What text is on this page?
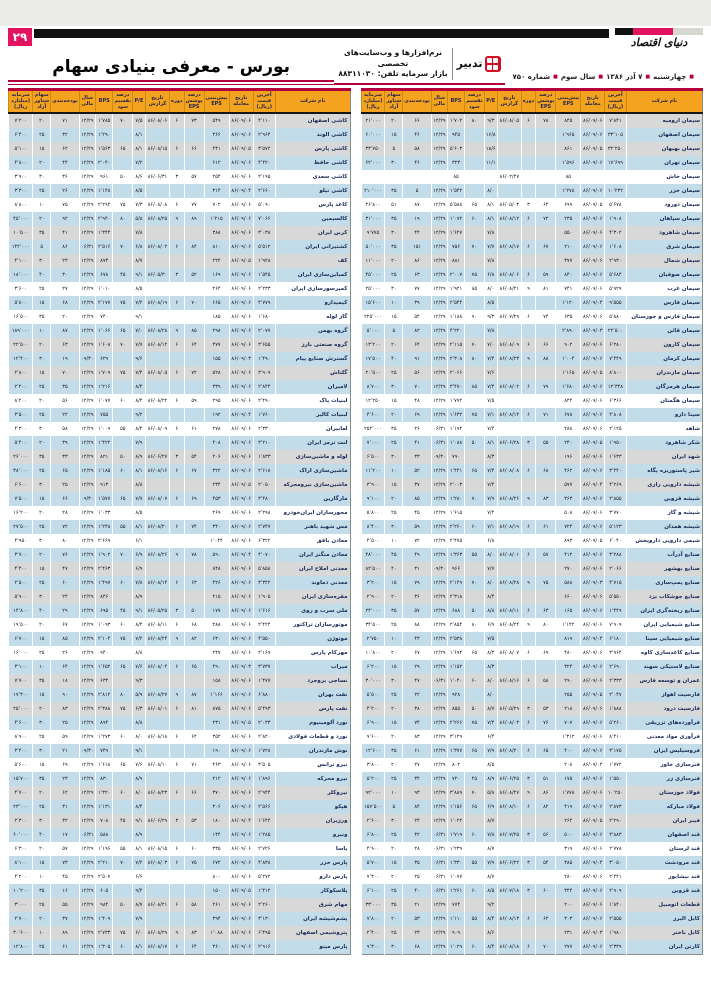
۲۹	دنیای اقتصاد
بورس - معرفی بنیادی سهام	تدبیر
نرم‌افزارها و وب‌سایت‌های تخصصی
بازار سرمایه تلفن: ۸۸۳۱۱۰۳۰	■ چهارشنبه■ ۷ آذر ۱۳۸۶■ سال سوم■ شماره ۷۵۰
نام شرکت	آخرین قیمت (ریال)	تاریخ معامله	پیش‌بینی EPS	درصد پوشش EPS	دوره	تاریخ گزارش	P/E	درصد تقسیم سود	BPS	سال مالی	بودجه‌بندی	سهام شناور آزاد	سرمایه (میلیارد ریال)
سیمان ارومیه	۷٬۸۴۱	۸۶/۰۹/۰۶	۸۴۵	۷۸	۶	۸۶/۰۸/۰۵	۹/۳	۸۰	۱٬۷۰۲	۱۲/۲۹	۶۶	۲۰	۲۱٬۰۰۰
سیمان اصفهان	۳۳٬۱۰۵	۸۶/۰۹/۰۶	۱٬۹۶۵				۱۶/۸		۹۴۵	۱۲/۲۹	۴۶	۱۵	۶۰٬۰۰۰
سیمان بهبهان	۳۲٬۲۵۰	۸۶/۰۹/۰۵	۸۶۱				۱۸/۶		۵٬۶۰۳	۱۲/۲۹	۵۸	۵	۳۳٬۷۵۰
سیمان تهران	۱۷٬۶۹۹	۸۶/۰۹/۰۶	۱٬۵۹۶				۱۱/۱		۳۲۳	۱۲/۲۹	۴۶	۳۰	۶۲٬۰۰۰
سیمان خاش			۸۵			۸۶/۰۲/۲۷			۸۵				
سیمان خزر	۱۰٬۲۳۲	۸۶/۰۹/۰۶	۱٬۲۷۸				۸/۰		۱٬۵۴۲	۱۲/۲۹	۵	۳۵	۲۱۰٬۰۰۰
سیمان دورود	۵٬۶۷۸	۸۶/۰۹/۰۵	۶۹۹	۶۴	۳	۸۶/۰۵/۰۳	۸/۱	۶۵	۵٬۵۸۸	۱۲/۲۹	۸۷	۵۱	۴۶٬۸۰۰
سیمان سپاهان	۱٬۹۰۸	۸۶/۰۹/۰۶	۲۳۵	۷۲	۶	۸۶/۰۸/۱۲	۸/۱	۶۰	۱٬۰۷۲	۱۲/۲۹	۱۹	۳۵	۳۱٬۰۰۰
سیمان شاهرود	۴٬۳۰۲	۸۶/۰۹/۰۶	۵۵۰				۷/۸		۱٬۶۲۷	۱۲/۲۹	۴۴	۳۰	۹٬۷۷۵
سیمان شرق	۱٬۶۰۸	۸۶/۰۹/۰۶	۲۱۰	۶۷	۶	۸۶/۰۸/۱۷	۷/۷	۷۰	۷۵۶	۱۲/۲۹	۱۵۱	۳۵	۵۰٬۰۰۰
سیمان شمال	۲٬۹۳۰	۸۶/۰۹/۰۶	۳۷۷				۷/۸		۸۸۱	۱۲/۲۹	۸۶	۲۰	۱۱٬۰۰۰
سیمان صوفیان	۵٬۶۸۴	۸۶/۰۹/۰۶	۸۴۰	۵۹	۶	۸۶/۰۸/۰۶	۶/۸	۷۵	۲٬۰۰۷	۱۲/۲۹	۶۳	۲۵	۴۵٬۰۰۰
سیمان غرب	۵٬۹۲۹	۸۶/۰۹/۰۶	۷۴۱	۸۱	۹	۸۶/۰۸/۲۱	۸/۰	۸۵	۱٬۹۲۱	۱۲/۲۹	۷۷	۳۰	۲۵٬۰۰۰
سیمان فارس	۹٬۵۵۵	۸۶/۰۹/۰۴	۱٬۱۲۰				۸/۵		۲٬۵۴۴	۱۲/۲۹	۳۹	۱۰	۱۵٬۶۰۰
سیمان فارس و خوزستان	۵٬۸۸۰	۸۶/۰۹/۰۶	۶۳۵	۷۴	۶	۸۶/۰۷/۲۹	۹/۳	۹۰	۱٬۱۸۸	۱۲/۲۹	۵۴	۱۵	۲۲۵٬۰۰۰
سیمان قائن	۲۲٬۵۰۰	۸۶/۰۹/۰۳	۲٬۸۹۰				۷/۸		۴٬۲۲۰	۱۲/۲۹	۸۲	۵	۵٬۰۰۰
سیمان کارون	۶٬۲۸۰	۸۶/۰۹/۰۶	۹۰۲	۶۶	۶	۸۶/۰۸/۰۹	۷/۰	۷۰	۲٬۱۱۵	۱۲/۲۹	۶۴	۲۰	۱۳٬۲۰۰
سیمان کرمان	۷٬۴۴۹	۸۶/۰۹/۰۶	۱٬۰۰۴	۸۸	۹	۸۶/۰۸/۲۳	۷/۴	۸۰	۲٬۳۰۸	۱۲/۲۹	۹۱	۴۰	۱۷٬۵۰۰
سیمان مازندران	۸٬۸۰۰	۸۶/۰۹/۰۵	۱٬۱۶۵				۷/۶		۲٬۰۶۶	۱۲/۲۹	۵۶	۲۵	۲۰٬۵۰۰
سیمان هرمزگان	۱۲٬۳۴۸	۸۶/۰۹/۰۶	۱٬۶۸۰	۷۹	۶	۸۶/۰۸/۰۲	۷/۴	۸۵	۳٬۴۷۰	۱۲/۲۹	۷۰	۳۰	۸٬۷۰۰
سیمان هگمتان	۶٬۳۶۶	۸۶/۰۹/۰۶	۸۴۴				۷/۵		۱٬۷۷۲	۱۲/۲۹	۴۸	۱۵	۱۲٬۲۵۰
سینا دارو	۴٬۸۰۸	۸۶/۰۹/۰۶	۶۷۸	۷۱	۶	۸۶/۰۸/۱۴	۷/۱	۷۵	۱٬۶۳۲	۱۲/۲۹	۶۹	۲۰	۴٬۶۰۰
شاهد	۲٬۱۲۵	۸۶/۰۹/۰۶	۲۸۸				۷/۴		۱٬۱۹۴	۰۶/۳۱	۲۶	۳۵	۲۵۲٬۰۰۰
شکر شاهرود	۱٬۹۵۰	۸۶/۰۹/۰۵	۲۴۰	۵۵	۳	۸۶/۰۶/۲۸	۸/۱	۵۰	۱٬۰۸۸	۰۶/۳۱	۴۱	۲۵	۷٬۰۰۰
شهد ایران	۱٬۶۳۳	۸۶/۰۹/۰۶	۱۹۶				۸/۳		۷۹۰	۰۹/۳۰	۳۳	۳۰	۶٬۵۰۰
شیر پاستوریزه پگاه	۳٬۴۴۰	۸۶/۰۹/۰۶	۴۶۲	۶۸	۶	۸۶/۰۸/۰۸	۷/۴	۶۵	۱٬۴۴۱	۱۲/۲۹	۵۲	۱۰	۱۱٬۲۰۰
شیشه دارویی رازی	۴٬۲۶۹	۸۶/۰۹/۰۴	۵۷۷				۷/۴		۲٬۰۰۳	۱۲/۲۹	۳۷	۱۵	۳٬۹۰۰
شیشه قزوین	۲٬۸۵۵	۸۶/۰۹/۰۶	۳۶۳	۸۳	۹	۸۶/۰۸/۲۶	۷/۹	۷۰	۱٬۲۸۰	۱۲/۲۹	۸۵	۲۰	۹٬۱۰۰
شیشه و گاز	۳٬۷۷۰	۸۶/۰۹/۰۶	۵۰۸				۷/۴		۱٬۶۱۵	۱۲/۲۹	۴۵	۲۵	۵٬۸۰۰
شیشه همدان	۵٬۱۲۳	۸۶/۰۹/۰۶	۷۲۴	۶۱	۶	۸۶/۰۸/۱۹	۷/۱	۶۰	۲٬۲۶۰	۱۲/۲۹	۵۹	۳۰	۸٬۴۰۰
شیمی دارویی داروپخش	۶٬۰۴۰	۸۶/۰۹/۰۵	۸۹۳				۶/۸		۲٬۴۷۵	۱۲/۲۹	۷۲	۱۰	۴٬۵۰۰
صنایع آذرآب	۳٬۲۸۸	۸۶/۰۹/۰۶	۴۱۲	۵۷	۶	۸۶/۰۸/۰۱	۸/۰	۵۵	۱٬۳۶۳	۱۲/۲۹	۴۹	۴۵	۴۸٬۰۰۰
صنایع بهشهر	۲٬۰۶۶	۸۶/۰۹/۰۶	۲۷۰				۷/۷		۹۶۶	۰۹/۳۰	۳۱	۴۰	۸۲٬۵۰۰
صنایع پمپ‌سازی	۴٬۷۱۵	۸۶/۰۹/۰۳	۵۸۸	۷۵	۹	۸۶/۰۸/۲۸	۸/۰	۷۰	۲٬۱۴۹	۱۲/۲۹	۷۹	۱۵	۳٬۲۰۰
صنایع جوشکاب یزد	۵٬۵۵۰	۸۶/۰۹/۰۶	۶۶۰				۸/۴		۲٬۳۱۸	۱۲/۲۹	۳۶	۲۰	۲٬۹۰۰
صنایع ریخته‌گری ایران	۱٬۴۴۹	۸۶/۰۹/۰۶	۱۶۵	۶۳	۶	۸۶/۰۸/۱۱	۸/۸	۵۰	۶۸۸	۱۲/۲۹	۵۷	۳۵	۲۴٬۰۰۰
صنایع شیمیایی ایران	۷٬۹۰۹	۸۶/۰۹/۰۶	۱٬۱۴۲	۸۰	۹	۸۶/۰۸/۲۴	۶/۹	۸۰	۲٬۸۵۴	۱۲/۲۹	۸۸	۲۵	۳۴٬۵۰۰
صنایع شیمیایی سینا	۶٬۱۸۰	۸۶/۰۹/۰۴	۸۱۹				۷/۵		۲٬۵۳۸	۱۲/۲۹	۴۳	۱۰	۲٬۷۵۰
صنایع کاغذسازی کاوه	۳٬۹۶۴	۸۶/۰۹/۰۶	۴۸۰	۶۹	۶	۸۶/۰۸/۰۷	۸/۳	۶۵	۱٬۶۹۴	۱۲/۲۹	۶۷	۲۰	۱۰٬۸۰۰
صنایع لاستیکی سهند	۲٬۶۹۰	۸۶/۰۹/۰۶	۳۲۴				۸/۳		۱٬۱۵۲	۱۲/۲۹	۲۹	۱۵	۶٬۲۰۰
عمران و توسعه فارس	۲٬۳۳۳	۸۶/۰۹/۰۶	۲۹۰	۵۸	۶	۸۶/۰۸/۱۶	۸/۰	۶۰	۱٬۰۴۰	۰۶/۳۱	۴۷	۳۰	۳۰٬۰۰۰
فارسیت اهواز	۲٬۰۴۷	۸۶/۰۹/۰۵	۲۵۵				۸/۰		۹۲۸	۱۲/۲۹	۲۲	۲۵	۵٬۵۰۰
فارسیت درود	۱٬۸۸۸	۸۶/۰۹/۰۶	۲۱۸	۵۳	۳	۸۶/۰۵/۲۹	۸/۷	۵۰	۸۵۵	۱۲/۲۹	۳۸	۲۰	۴٬۲۰۰
فرآورده‌های تزریقی	۵٬۲۶۰	۸۶/۰۹/۰۶	۷۰۷	۷۶	۶	۸۶/۰۸/۰۳	۷/۴	۷۵	۲٬۲۶۶	۱۲/۲۹	۷۴	۱۵	۶٬۹۰۰
فرآوری مواد معدنی	۸٬۴۱۰	۸۶/۰۹/۰۶	۱٬۳۱۲				۶/۴		۳٬۱۲۹	۱۲/۲۹	۸۳	۲۰	۹٬۶۰۰
فروسیلیس ایران	۳٬۱۷۵	۸۶/۰۹/۰۶	۴۰۰	۶۵	۶	۸۶/۰۸/۲۰	۷/۹	۶۵	۱٬۳۷۷	۱۲/۲۹	۶۱	۳۵	۱۲٬۶۰۰
فنرسازی خاور	۱٬۷۷۲	۸۶/۰۹/۰۴	۲۰۸				۸/۵		۸۰۲	۱۲/۲۹	۲۷	۲۰	۳٬۸۰۰
فنرسازی زر	۱٬۵۵۰	۸۶/۰۹/۰۶	۱۷۵	۵۱	۳	۸۶/۰۶/۲۵	۸/۹	۴۵	۷۲۰	۱۲/۲۹	۳۴	۲۵	۵٬۲۰۰
فولاد خوزستان	۱۰٬۲۵۰	۸۶/۰۹/۰۶	۱٬۷۷۸	۸۶	۹	۸۶/۰۸/۲۷	۵/۸	۷۰	۳٬۸۸۹	۱۲/۲۹	۹۳	۱۰	۹۲٬۰۰۰
فولاد مبارکه	۲٬۸۷۳	۸۶/۰۹/۰۶	۴۱۹	۸۲	۶	۸۶/۰۸/۱۰	۶/۹	۶۵	۱٬۱۵۶	۱۲/۲۹	۸۴	۵	۱۵۷٬۵۰۰
فیبر ایران	۲٬۲۹۰	۸۶/۰۹/۰۵	۲۶۴				۸/۷		۱٬۰۲۲	۱۲/۲۹	۲۴	۳۰	۲٬۶۰۰
قند اصفهان	۳٬۸۸۳	۸۶/۰۹/۰۶	۵۰۰	۵۶	۳	۸۶/۰۷/۲۵	۷/۸	۶۰	۱٬۷۱۹	۰۶/۳۱	۴۲	۲۵	۶٬۸۰۰
قند لرستان	۲٬۷۷۸	۸۶/۰۹/۰۶	۳۱۹				۸/۷		۱٬۲۳۹	۰۶/۳۱	۲۸	۲۰	۴٬۹۰۰
قند مرودشت	۳٬۰۵۰	۸۶/۰۹/۰۴	۳۸۵	۵۴	۳	۸۶/۰۶/۲۲	۷/۹	۵۵	۱٬۳۳۰	۰۶/۳۱	۳۵	۱۵	۵٬۷۰۰
قند نیشابور	۲٬۴۴۱	۸۶/۰۹/۰۶	۲۸۰				۸/۷		۱٬۰۷۷	۰۶/۳۱	۲۵	۲۰	۷٬۳۰۰
قند قزوین	۲٬۹۰۹	۸۶/۰۹/۰۶	۳۴۴	۶۰	۳	۸۶/۰۷/۱۸	۸/۵	۶۰	۱٬۲۶۱	۰۶/۳۱	۴۰	۲۵	۶٬۱۰۰
قطعات اتومبیل	۱٬۸۴۰	۸۶/۰۹/۰۶	۲۰۰				۹/۲		۷۷۴	۱۲/۲۹	۲۱	۳۵	۳۳٬۰۰۰
کابل البرز	۲٬۵۵۵	۸۶/۰۹/۰۶	۳۰۳	۶۲	۶	۸۶/۰۸/۱۳	۸/۴	۵۵	۱٬۱۱۰	۱۲/۲۹	۵۳	۲۰	۷٬۸۰۰
کابل باختر	۱٬۹۸۰	۸۶/۰۹/۰۳	۲۳۱				۸/۶		۹۰۹	۱۲/۲۹	۲۳	۲۵	۲٬۴۰۰
کارتن ایران	۲٬۳۳۹	۸۶/۰۹/۰۶	۲۷۷	۷۰	۶	۸۶/۰۸/۱۸	۸/۴	۶۰	۱٬۰۲۹	۱۲/۲۹	۶۸	۳۰	۹٬۳۰۰
نام شرکت	آخرین قیمت (ریال)	تاریخ معامله	پیش‌بینی EPS	درصد پوشش EPS	دوره	تاریخ گزارش	P/E	درصد تقسیم سود	BPS	سال مالی	بودجه‌بندی	سهام شناور آزاد	سرمایه (میلیارد ریال)
کاشی اصفهان	۴٬۱۱۰	۸۶/۰۹/۰۶	۵۴۹	۷۳	۶	۸۶/۰۸/۰۶	۷/۵	۷۰	۱٬۷۸۵	۱۲/۲۹	۷۱	۲۰	۷٬۲۰۰
کاشی الوند	۲٬۹۶۴	۸۶/۰۹/۰۶	۳۶۶				۸/۱		۱٬۲۹۰	۱۲/۲۹	۳۲	۲۵	۶٬۴۰۰
کاشی پارس	۳٬۵۷۲	۸۶/۰۹/۰۵	۴۴۱	۶۶	۶	۸۶/۰۸/۱۵	۸/۱	۶۵	۱٬۵۶۳	۱۲/۲۹	۶۲	۱۵	۵٬۱۰۰
کاشی حافظ	۴٬۴۲۰	۸۶/۰۹/۰۶	۶۱۲				۷/۲		۲٬۰۴۰	۱۲/۲۹	۴۴	۲۰	۴٬۸۰۰
کاشی سعدی	۲٬۱۹۵	۸۶/۰۹/۰۶	۲۵۴	۵۷	۳	۸۶/۰۶/۳۱	۸/۶	۵۰	۹۶۱	۱۲/۲۹	۳۶	۳۰	۳٬۹۰۰
کاشی نیلو	۲٬۶۶۰	۸۶/۰۹/۰۴	۳۱۴				۸/۵		۱٬۱۴۸	۱۲/۲۹	۲۶	۲۵	۳٬۳۰۰
کاغذ پارس	۵٬۰۹۰	۸۶/۰۹/۰۶	۷۰۲	۷۷	۶	۸۶/۰۸/۰۸	۷/۳	۷۵	۲٬۲۹۴	۱۲/۲۹	۷۵	۱۰	۸٬۸۰۰
کالسیمین	۷٬۰۶۶	۸۶/۰۹/۰۶	۱٬۲۱۵	۸۹	۹	۸۶/۰۸/۲۵	۵/۸	۸۰	۲٬۹۴۰	۱۲/۲۹	۹۲	۲۰	۴۵٬۰۰۰
کربن ایران	۳٬۰۳۸	۸۶/۰۹/۰۶	۳۸۸				۷/۸		۱٬۳۴۴	۱۲/۲۹	۴۱	۳۵	۱۰٬۵۰۰
کشتیرانی ایران	۵٬۵۱۲	۸۶/۰۹/۰۶	۸۱۰	۸۴	۶	۸۶/۰۸/۰۲	۶/۸	۷۰	۲٬۵۱۶	۰۶/۳۱	۸۶	۵	۱۴۲٬۰۰۰
کف	۱٬۹۲۸	۸۶/۰۹/۰۵	۲۲۲				۸/۷		۸۷۳	۱۲/۲۹	۲۳	۳۰	۴٬۱۰۰
کمباین‌سازی ایران	۱٬۵۴۵	۸۶/۰۹/۰۶	۱۶۹	۵۲	۳	۸۶/۰۵/۳۰	۹/۱	۴۵	۶۷۸	۱۲/۲۹	۳۰	۴۰	۱۸٬۰۰۰
کمپرسورسازی ایران	۲٬۲۳۳	۸۶/۰۹/۰۶	۲۶۴				۸/۵		۱٬۰۱۰	۱۲/۲۹	۲۷	۲۵	۳٬۶۰۰
کیمیدارو	۴٬۷۷۹	۸۶/۰۹/۰۶	۶۶۵	۷۰	۶	۸۶/۰۸/۱۹	۷/۲	۷۵	۲٬۱۷۷	۱۲/۲۹	۶۸	۱۵	۵٬۸۰۰
گاز لوله	۱٬۶۸۰	۸۶/۰۹/۰۶	۱۸۵				۹/۱		۷۴۰	۱۲/۲۹	۲۰	۳۵	۱۶٬۵۰۰
گروه بهمن	۲٬۰۷۷	۸۶/۰۹/۰۶	۲۹۸	۸۵	۹	۸۶/۰۸/۲۸	۷/۰	۶۵	۱٬۰۶۶	۱۲/۲۹	۸۷	۱۰	۱۸۹٬۰۰۰
گروه صنعتی بارز	۳٬۶۵۵	۸۶/۰۹/۰۶	۴۷۷	۶۴	۶	۸۶/۰۸/۱۲	۷/۷	۷۰	۱٬۶۰۸	۱۲/۲۹	۶۳	۲۰	۲۲٬۵۰۰
گسترش صنایع پیام	۱٬۴۹۰	۸۶/۰۹/۰۳	۱۵۵				۹/۶		۶۲۹	۰۹/۳۰	۱۹	۳۰	۱۲٬۴۰۰
گلتاش	۳٬۹۰۹	۸۶/۰۹/۰۶	۵۲۸	۷۲	۶	۸۶/۰۸/۰۵	۷/۴	۷۵	۱٬۷۰۹	۱۲/۲۹	۷۰	۱۵	۲٬۸۰۰
لامیران	۲٬۸۴۴	۸۶/۰۹/۰۶	۳۳۹				۸/۴		۱٬۲۱۶	۱۲/۲۹	۳۵	۲۵	۲٬۲۰۰
لبنیات پاک	۲٬۴۹۰	۸۶/۰۹/۰۶	۲۹۵	۵۹	۶	۸۶/۰۸/۲۲	۸/۴	۶۰	۱٬۰۷۷	۱۲/۲۹	۵۶	۲۰	۸٬۲۰۰
لبنیات کالبر	۱٬۷۶۰	۸۶/۰۹/۰۴	۱۹۲				۹/۲		۷۵۵	۱۲/۲۹	۲۲	۲۵	۳٬۵۰۰
لعابیران	۲٬۳۳۰	۸۶/۰۹/۰۶	۲۷۸	۶۱	۶	۸۶/۰۸/۰۹	۸/۴	۵۵	۱٬۰۰۹	۱۲/۲۹	۵۸	۳۰	۴٬۳۰۰
لنت ترمز ایران	۳٬۲۱۰	۸۶/۰۹/۰۶	۴۰۸				۷/۹		۱٬۴۲۲	۱۲/۲۹	۳۹	۲۰	۵٬۴۰۰
لوله و ماشین‌سازی	۱٬۸۳۳	۸۶/۰۹/۰۶	۲۰۶	۵۴	۳	۸۶/۰۶/۲۷	۸/۹	۵۰	۸۲۱	۱۲/۲۹	۳۳	۳۵	۲۶٬۰۰۰
ماشین‌سازی اراک	۲٬۶۱۸	۸۶/۰۹/۰۶	۳۲۲	۶۷	۶	۸۶/۰۸/۱۶	۸/۱	۶۰	۱٬۱۸۵	۱۲/۲۹	۶۵	۲۵	۳۸٬۰۰۰
ماشین‌سازی نیرومحرکه	۲٬۰۵۰	۸۶/۰۹/۰۵	۲۳۴				۸/۸		۹۱۳	۱۲/۲۹	۲۵	۳۰	۶٬۶۰۰
مارگارین	۳٬۴۸۰	۸۶/۰۹/۰۶	۴۵۳	۶۹	۶	۸۶/۰۸/۰۷	۷/۷	۶۵	۱٬۵۷۷	۰۹/۳۰	۶۶	۱۵	۷٬۵۰۰
محورسازان ایران‌خودرو	۲٬۲۹۸	۸۶/۰۹/۰۶	۲۶۹				۸/۵		۱٬۰۳۳	۱۲/۲۹	۲۸	۲۰	۱۶٬۲۰۰
مس شهید باهنر	۲٬۷۴۷	۸۶/۰۹/۰۶	۳۴۰	۷۴	۶	۸۶/۰۸/۲۰	۸/۱	۵۵	۱٬۲۴۸	۱۲/۲۹	۷۲	۲۵	۲۷٬۵۰۰
معادن بافق	۶٬۳۲۲	۸۶/۰۹/۰۶	۱٬۰۴۴				۶/۱		۲٬۶۶۹	۱۲/۲۹	۸۰	۳۰	۴٬۹۵۰
معادن منگنز ایران	۴٬۰۷۰	۸۶/۰۹/۰۴	۵۹۰	۷۸	۹	۸۶/۰۸/۲۶	۶/۹	۷۰	۱٬۹۰۲	۱۲/۲۹	۷۶	۲۰	۳٬۷۰۰
معدنی املاح ایران	۵٬۸۵۸	۸۶/۰۹/۰۶	۸۴۸				۶/۹		۲٬۴۶۳	۱۲/۲۹	۴۷	۱۵	۴٬۴۰۰
معدنی دماوند	۳٬۳۴۲	۸۶/۰۹/۰۶	۴۲۶	۶۳	۶	۸۶/۰۸/۱۴	۷/۸	۶۰	۱٬۴۹۷	۱۲/۲۹	۶۰	۲۵	۲٬۵۰۰
مقره‌سازی ایران	۱٬۹۰۵	۸۶/۰۹/۰۶	۲۱۵				۸/۹		۸۴۶	۱۲/۲۹	۲۴	۳۰	۵٬۹۰۰
ملی سرب و روی	۱٬۶۱۶	۸۶/۰۹/۰۶	۱۷۷	۵۰	۳	۸۶/۰۵/۲۵	۹/۱	۴۵	۶۹۵	۱۲/۲۹	۲۹	۴۰	۱۴٬۸۰۰
موتورسازان تراکتور	۲٬۴۲۴	۸۶/۰۹/۰۶	۲۸۸	۶۸	۶	۸۶/۰۸/۱۱	۸/۴	۶۰	۱٬۰۹۳	۱۲/۲۹	۶۷	۲۰	۱۹٬۵۰۰
موتوژن	۴٬۵۵۰	۸۶/۰۹/۰۶	۶۳۰	۸۲	۹	۸۶/۰۸/۲۴	۷/۲	۷۵	۲٬۱۰۴	۱۲/۲۹	۸۵	۱۵	۶٬۷۰۰
مهرکام پارس	۲٬۱۶۹	۸۶/۰۹/۰۶	۲۴۷				۸/۸		۹۴۰	۱۲/۲۹	۲۶	۲۵	۱۶٬۰۰۰
میراب	۳٬۷۳۷	۸۶/۰۹/۰۳	۴۹۰	۶۵	۶	۸۶/۰۸/۰۴	۷/۶	۶۵	۱٬۶۵۲	۱۲/۲۹	۶۴	۱۰	۳٬۱۰۰
نساجی بروجرد	۱٬۴۷۷	۸۶/۰۹/۰۶	۱۵۸				۹/۳		۶۳۴	۱۲/۲۹	۱۸	۳۵	۷٬۷۰۰
نفت بهران	۶٬۸۸۰	۸۶/۰۹/۰۶	۱٬۱۶۶	۸۷	۹	۸۶/۰۸/۲۷	۵/۹	۸۰	۲٬۸۱۲	۱۲/۲۹	۹۰	۱۵	۱۷٬۳۰۰
نفت پارس	۵٬۴۹۳	۸۶/۰۹/۰۶	۸۷۵	۸۱	۶	۸۶/۰۸/۰۱	۶/۳	۷۵	۲٬۳۸۸	۱۲/۲۹	۸۳	۲۰	۲۵٬۰۰۰
نورد آلومینیوم	۲٬۰۳۳	۸۶/۰۹/۰۵	۲۳۱				۸/۸		۸۹۴	۱۲/۲۹	۲۵	۳۰	۴٬۶۰۰
نورد و قطعات فولادی	۲٬۸۲۰	۸۶/۰۹/۰۶	۳۵۲	۶۲	۶	۸۶/۰۸/۱۸	۸/۰	۶۰	۱٬۲۷۳	۱۲/۲۹	۵۹	۲۵	۸٬۹۰۰
نوش مازندران	۱٬۷۲۸	۸۶/۰۹/۰۶	۱۹۰				۹/۱		۷۴۹	۰۹/۳۰	۲۱	۳۰	۳٬۴۰۰
نیرو ترانس	۳٬۵۰۵	۸۶/۰۹/۰۶	۴۶۳	۷۱	۶	۸۶/۰۸/۱۰	۷/۶	۶۵	۱٬۶۱۸	۱۲/۲۹	۶۹	۱۵	۵٬۶۰۰
نیرو محرکه	۱٬۸۹۶	۸۶/۰۹/۰۶	۲۱۲				۸/۹		۸۳۰	۱۲/۲۹	۲۳	۳۵	۱۵٬۷۰۰
نیروکلر	۲٬۹۴۴	۸۶/۰۹/۰۶	۳۷۰	۶۶	۶	۸۶/۰۸/۲۳	۸/۰	۶۰	۱٬۳۲۰	۱۲/۲۹	۶۲	۲۰	۴٬۷۰۰
هپکو	۲٬۵۶۶	۸۶/۰۹/۰۶	۳۰۶				۸/۴		۱٬۱۳۱	۱۲/۲۹	۳۱	۲۵	۲۳٬۰۰۰
ورزیران	۱٬۶۴۴	۸۶/۰۹/۰۴	۱۸۰	۵۳	۳	۸۶/۰۶/۲۹	۹/۱	۴۵	۷۰۸	۱۲/۲۹	۳۲	۳۰	۲٬۳۰۰
ونیرو	۱٬۲۸۵	۸۶/۰۹/۰۶	۱۴۴				۸/۹		۵۸۸	۰۶/۳۱	۱۷	۴۰	۶۰٬۰۰۰
یاسا	۲٬۷۲۶	۸۶/۰۹/۰۶	۳۳۵	۶۰	۶	۸۶/۰۸/۱۵	۸/۱	۵۵	۱٬۱۹۶	۱۲/۲۹	۵۷	۲۰	۶٬۳۰۰
پارس خزر	۴٬۸۳۸	۸۶/۰۹/۰۶	۶۷۲	۷۵	۶	۸۶/۰۸/۰۳	۷/۲	۷۰	۲٬۲۱۰	۱۲/۲۹	۷۳	۱۵	۸٬۱۰۰
پارس دارو	۵٬۲۷۲	۸۶/۰۹/۰۶	۸۰۰				۶/۶		۲٬۵۰۷	۱۲/۲۹	۴۵	۱۰	۴٬۲۰۰
پلاسکوکار	۱٬۴۱۲	۸۶/۰۹/۰۵	۱۵۰				۹/۴		۶۰۵	۱۲/۲۹	۱۶	۳۵	۱۰٬۲۰۰
مهام شرق	۲٬۲۶۰	۸۶/۰۹/۰۶	۲۶۱	۵۸	۶	۸۶/۰۸/۲۱	۸/۷	۵۰	۹۸۴	۱۲/۲۹	۵۵	۲۵	۳٬۰۰۰
پشم‌شیشه ایران	۳٬۱۳۰	۸۶/۰۹/۰۶	۳۹۴				۷/۹		۱٬۴۰۹	۱۲/۲۹	۳۷	۲۰	۲٬۷۰۰
پتروشیمی اصفهان	۶٬۴۹۵	۸۶/۰۹/۰۶	۱٬۰۸۸	۸۳	۹	۸۶/۰۸/۲۹	۶/۰	۷۵	۲٬۷۳۳	۱۲/۲۹	۸۹	۱۰	۳۰٬۶۰۰
پارس مینو	۲٬۹۱۶	۸۶/۰۹/۰۶	۳۶۰	۶۴	۶	۸۶/۰۸/۱۷	۸/۱	۶۰	۱٬۳۰۵	۱۲/۲۹	۶۱	۲۵	۱۲٬۸۰۰
